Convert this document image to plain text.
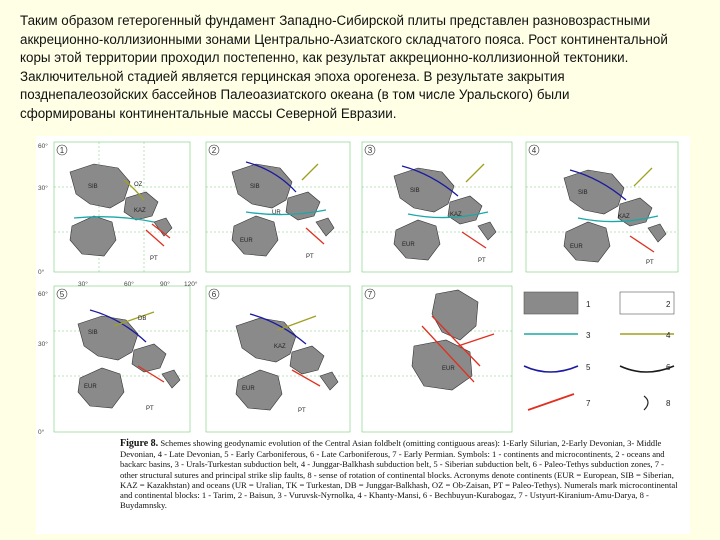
Таким образом гетерогенный фундамент Западно-Сибирской плиты представлен разновозрастными
аккреционно-коллизионными зонами Центрально-Азиатского складчатого пояса. Рост континентальной
коры этой территории проходил постепенно, как результат аккреционно-коллизионной тектоники.
Заключительной стадией является герцинская эпоха орогенеза. В результате закрытия
позднепалеозойских бассейнов Палеоазиатского океана (в том числе Уральского) были
сформированы континентальные массы Северной Евразии.
1
SIB	OZ
KAZ
PT
60°
30°
0°
2
SIB
UR
EUR
PT
3
SIB
KAZ
EUR
PT
4
SIB
KAZ
EUR
PT
5
SIB
DB
EUR
PT
60°
30°
0°
6
KAZ
EUR
PT
7
EUR
1	2
3	4
5	6
7	8
30°	60°	90° 120°
Figure 8. Schemes showing geodynamic evolution of the Central Asian foldbelt (omitting contiguous areas): 1-Early Silurian, 2-Early Devonian, 3- Middle Devonian, 4 - Late Devonian, 5 - Early Carboniferous, 6 - Late Carboniferous, 7 - Early Permian. Symbols: 1 - continents and microcontinents, 2 - oceans and backarc basins, 3 - Urals-Turkestan subduction belt, 4 - Junggar-Balkhash subduction belt, 5 - Siberian subduction belt, 6 - Paleo-Tethys subduction zones, 7 - other structural sutures and principal strike slip faults, 8 - sense of rotation of continental blocks. Acronyms denote continents (EUR = European, SIB = Siberian, KAZ = Kazakhstan) and oceans (UR = Uralian, TK = Turkestan, DB = Junggar-Balkhash, OZ = Ob-Zaisan, PT = Paleo-Tethys). Numerals mark microcontinental and continental blocks: 1 - Tarim, 2 - Baisun, 3 - Vuruvsk-Nyrnolka, 4 - Khanty-Mansi, 6 - Bechbuyun-Kurabogaz, 7 - Ustyurt-Kiranium-Amu-Darya, 8 - Buydamnsky.
